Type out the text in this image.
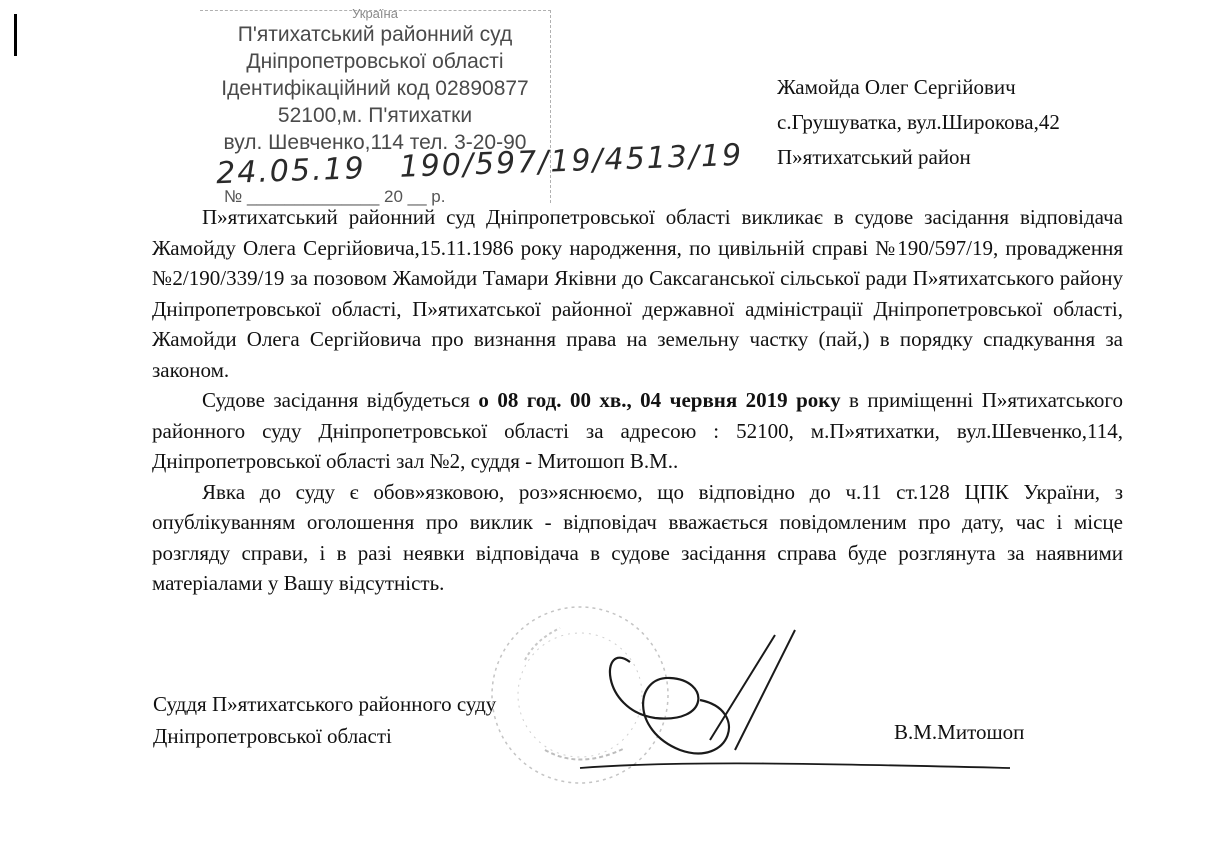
Україна
П'ятихатський районний суд
Дніпропетровської області
Ідентифікаційний код 02890877
52100,м. П'ятихатки
вул. Шевченко,114 тел. 3-20-90
24.05.19 190/597/19/4513/19
№ ______________ 20 __ р.
Жамойда Олег Сергійович
с.Грушуватка, вул.Широкова,42
П»ятихатський район

П»ятихатський районний суд Дніпропетровської області викликає в судове засідання відповідача Жамойду Олега Сергійовича,15.11.1986 року народження, по цивільній справі №190/597/19, провадження №2/190/339/19 за позовом Жамойди Тамари Яківни до Саксаганської сільської ради П»ятихатського району Дніпропетровської області, П»ятихатської районної державної адміністрації Дніпропетровської області, Жамойди Олега Сергійовича про визнання права на земельну частку (пай,) в порядку спадкування за законом.

Судове засідання відбудеться о 08 год. 00 хв., 04 червня 2019 року в приміщенні П»ятихатського районного суду Дніпропетровської області за адресою : 52100, м.П»ятихатки, вул.Шевченко,114, Дніпропетровської області зал №2, суддя - Митошоп В.М..

Явка до суду є обов»язковою, роз»яснюємо, що відповідно до ч.11 ст.128 ЦПК України, з опублікуванням оголошення про виклик - відповідач вважається повідомленим про дату, час і місце розгляду справи, і в разі неявки відповідача в судове засідання справа буде розглянута за наявними матеріалами у Вашу відсутність.

Суддя П»ятихатського районного суду
Дніпропетровської області	В.М.Митошоп
